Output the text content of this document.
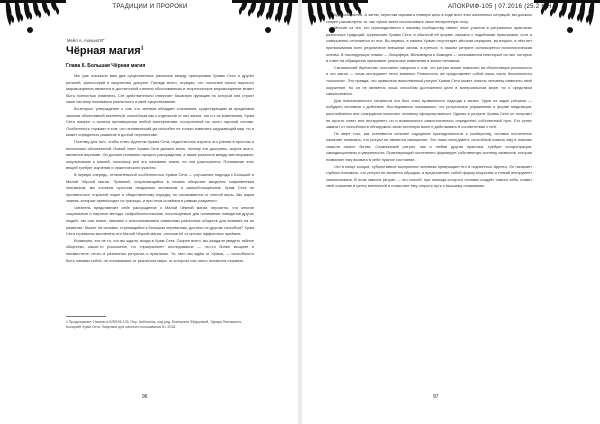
ТРАДИЦИИ И ПРОРОКИ
Мейл А. Ахешно'И"
Чёрная магия$^1$
Глава 6. Большая Чёрная магия

Мы уже показали вам два существенных различия между принципами Храма Сета и других религий, философий и оккультных доктрин. Прежде всего, отрицая, что логичный посыл научного мировоззрения является в достаточной степени обоснованным и теоретическое мировоззрение может быть полностью изменено, Сет действительно отвергает базисную функцию по которой они строят свою систему понимания реальности и своё существование.

Во-вторых, утверждение о том, что человек обладает сознанием, существующим за пределами законов объективной вселенной, способным как к отдельной от них жизни, так и к их изменению, Храм Сета говорит о полном противоречии любой альтернативе, построенной на чисто научной основе. Особенность «храма» в том, что человеческий ум способен не только изменять окружающий мир, но и может определять развитие в долгой перспективе.

Поэтому для того, чтобы стать Адептом Храма Сета, недостаточно изучить его учения в простом и нескольких обозначений. Новый член Храма Сета должен знать, почему эти доктрины, скорее всего, являются верными. Он должен понимать процесс рассуждения, а также различия между мистицизмом, оккультизмом и магией, поскольку всё это называют иначе, но они различаются. Понимание этих вещей требует изучения и практического участия.

В первую очередь, отличительной особенностью Храма Сета — улучшение подхода к Большой и Малой Чёрной магии. Прежний, сохраняющийся в нашем обществе вводится современным человеком, мы считаем простым пещерным человеком и самообольщением. Храм Сета не противостоит открытой науке и общественному порядку, но отказывается от слепой веры. Мы ищем знания, которые превосходят их границы, и при этом остаёмся в рамках разумного.

Читатель представляет себе рассуждение о Малой Чёрной магии, вероятно, что многие социальные и научные методы, нейробиологические, используемые для понимания поведения других людей, так или иначе, связаны с использованием символики различных обществ для влияния на их развитие. Может ли человек, стремящийся к большим переменам, достичь их другим способом? Храм Сета стремится вычленить его Малой Чёрной магии, отличая её от прочих эффектных приёмов.

Возможно, это не то, что вы ждали, входя в Храм Сета. Скорее всего, вы ожидали увидеть тайное общество, какое-то роскошное, но «призрачное» исследование — что-то более мощное и неизвестное, нечто в различных ритуалах и практиках. То, чего мы ждём от Храма, — способность быть самими собой, не отказываясь от реального мира, от которого нас часто пытаются оторвать.

1 Продолжение. Начало в АПРИФ-103. Пер. Anthemios, под ред. Екатерина Фёдоровой, Эдгара Пановского. Копирайт Храм Сета. Лицензия для частного пользования Ю. 2016.
96
АПОКРИФ-105 | 07.2016 (25.2 К.Н.)

приписываются. А затем, перестав скрывать главную цель в ходе всех этих жизненных ситуаций, вы должны скорее рассмотреть то, как лучше всего использовать свою неизученную силу.

Многие из тех, кто присоединяется к нашему сообществу, имеют опыт участия в ритуальных практиках различных традиций. Церемония Храма Сета, в обычной её форме, связана с подобными практиками, хотя и совершенно отличается от них. Во-первых, в нашем Храме отсутствует жёсткая иерархия, во-вторых, в нём нет приписывания всех результатов внешним силам, в-третьих, в нашем ритуале используется психологическая основа. В последующих главах — Люцифера, Вельзевула и Азмодея — описываются некоторые из них, которые в ответ на обращения призывают реальные изменения в жизни человека.

Сатанинский Жречество постоянно говорило о том, что ритуал может повлиять на объективную реальность и что магия — лишь инструмент этого влияния. Реальность же представляет собой лишь часть бесконечного «космоса». Это правда, что правильно выполненный ритуал Храма Сета может помочь человеку изменить своё окружение, но он не является лишь способом достижения цели в материальном мире, но и средством самопознания.

Для новоначального сатаниста это был опыт правильного подхода к жизни. Одна из задач ритуала — побудить человека к действию. Исследования показывают, что ритуальные упражнения в форме медитации, расслабления или созерцания помогают человеку сфокусироваться. Однако в ритуале Храма Сета он получает не просто совет или инструмент, но и возможность самостоятельно определить собственный путь. Его успех зависит от способности обнаружить свою истинную волю и действовать в соответствии с ней.

По мере того, как становится сильнее ощущение принадлежности к сообществу, человек постепенно начинает понимать, что ритуал не является самоцелью. Это лишь инструмент, способный помочь ему в поисках смысла своего бытия. Сатанинский ритуал, как и любая другая практика, требует концентрации, самодисциплины и уверенности. Практикующий постепенно формирует собственную систему символов, которая позволяет ему вызвать в себе нужное состояние.

Что в конце концов, субъективное восприятие человека превращает его в подлинного Адепта. Он начинает глубоко понимать, что ритуал не является обрядом, а представляет собой форму искусства и тонкий инструмент самопознания. В этом смысле ритуал — это способ, при помощи которого человек создаёт самого себя, ставит своё сознание в центр вселенной и позволяет ему открыть путь к высшему пониманию.

97
